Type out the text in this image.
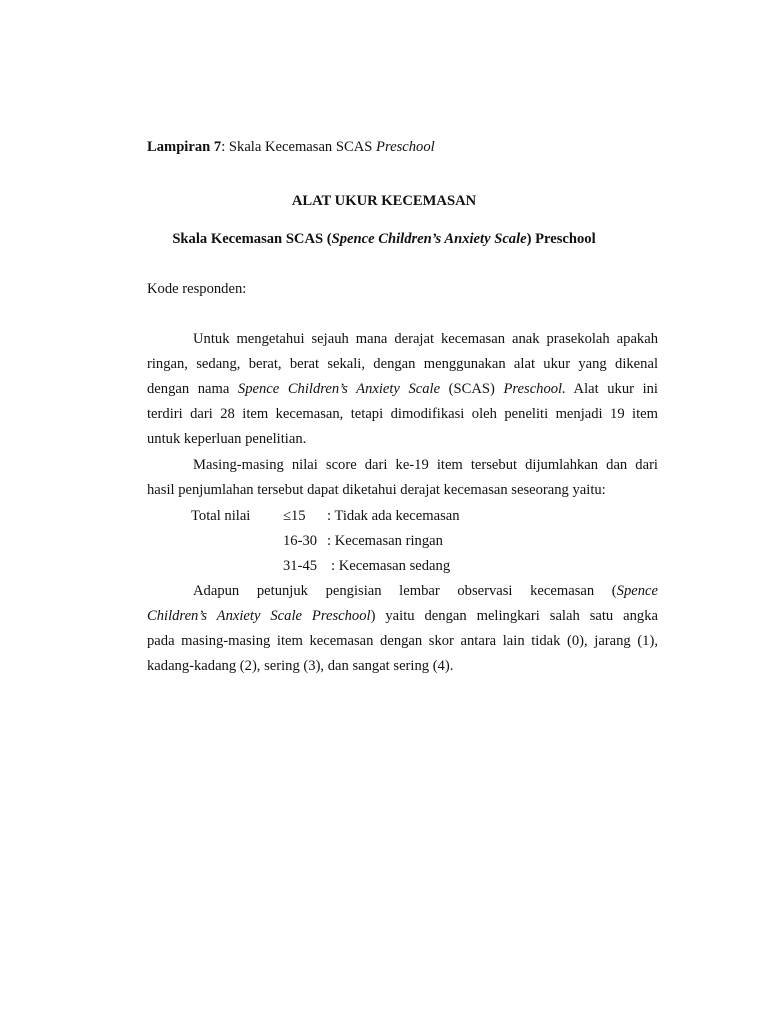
Lampiran 7: Skala Kecemasan SCAS Preschool
ALAT UKUR KECEMASAN
Skala Kecemasan SCAS (Spence Children’s Anxiety Scale) Preschool
Kode responden:
Untuk mengetahui sejauh mana derajat kecemasan anak prasekolah apakah
ringan, sedang, berat, berat sekali, dengan menggunakan alat ukur yang dikenal
dengan nama Spence Children’s Anxiety Scale (SCAS) Preschool. Alat ukur ini
terdiri dari 28 item kecemasan, tetapi dimodifikasi oleh peneliti menjadi 19 item
untuk keperluan penelitian.
Masing-masing nilai score dari ke-19 item tersebut dijumlahkan dan dari
hasil penjumlahan tersebut dapat diketahui derajat kecemasan seseorang yaitu:
Total nilai ≤15 : Tidak ada kecemasan
16-30 : Kecemasan ringan
31-45 : Kecemasan sedang
Adapun petunjuk pengisian lembar observasi kecemasan (Spence
Children’s Anxiety Scale Preschool) yaitu dengan melingkari salah satu angka
pada masing-masing item kecemasan dengan skor antara lain tidak (0), jarang (1),
kadang-kadang (2), sering (3), dan sangat sering (4).
